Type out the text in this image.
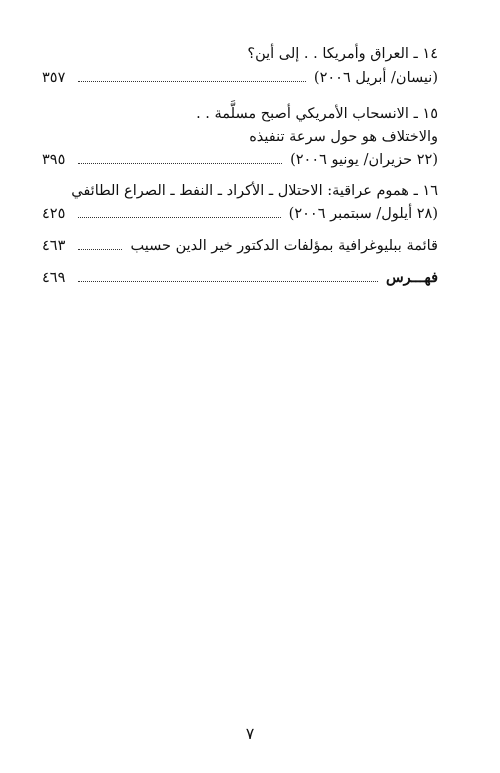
١٤ ـ العراق وأمريكا . . إلى أين؟
(نيسان/ أبريل ٢٠٠٦)
٣٥٧
١٥ ـ الانسحاب الأمريكي أصبح مسلَّمة . .
والاختلاف هو حول سرعة تنفيذه
(٢٢ حزيران/ يونيو ٢٠٠٦)
٣٩٥
١٦ ـ هموم عراقية: الاحتلال ـ الأكراد ـ النفط ـ الصراع الطائفي
(٢٨ أيلول/ سبتمبر ٢٠٠٦)
٤٢٥
قائمة ببليوغرافية بمؤلفات الدكتور خير الدين حسيب
٤٦٣
فهـــرس
٤٦٩
٧
